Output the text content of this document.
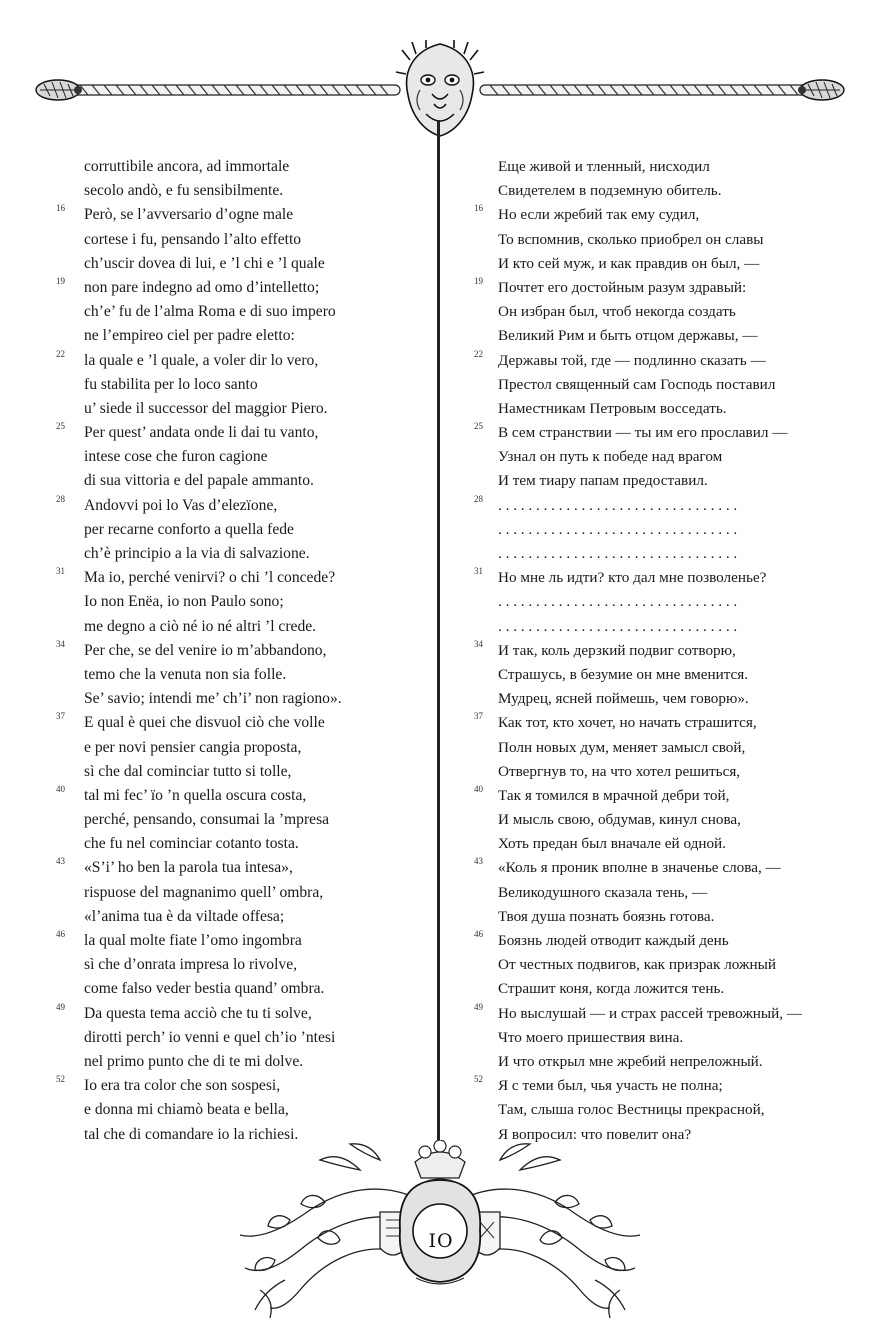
corruttibile ancora, ad immortale
secolo andò, e fu sensibilmente.
16 Però, se l’avversario d’ogne male
cortese i fu, pensando l’alto effetto
ch’uscir dovea di lui, e ’l chi e ’l quale
19 non pare indegno ad omo d’intelletto;
ch’e’ fu de l’alma Roma e di suo impero
ne l’empireo ciel per padre eletto:
22 la quale e ’l quale, a voler dir lo vero,
fu stabilita per lo loco santo
u’ siede il successor del maggior Piero.
25 Per quest’ andata onde li dai tu vanto,
intese cose che furon cagione
di sua vittoria e del papale ammanto.
28 Andovvi poi lo Vas d’elezïone,
per recarne conforto a quella fede
ch’è principio a la via di salvazione.
31 Ma io, perché venirvi? o chi ’l concede?
Io non Enëa, io non Paulo sono;
me degno a ciò né io né altri ’l crede.
34 Per che, se del venire io m’abbandono,
temo che la venuta non sia folle.
Se’ savio; intendi me’ ch’i’ non ragiono».
37 E qual è quei che disvuol ciò che volle
e per novi pensier cangia proposta,
sì che dal cominciar tutto si tolle,
40 tal mi fec’ ïo ’n quella oscura costa,
perché, pensando, consumai la ’mpresa
che fu nel cominciar cotanto tosta.
43 «S’i’ ho ben la parola tua intesa»,
rispuose del magnanimo quell’ ombra,
«l’anima tua è da viltade offesa;
46 la qual molte fiate l’omo ingombra
sì che d’onrata impresa lo rivolve,
come falso veder bestia quand’ ombra.
49 Da questa tema acciò che tu ti solve,
dirotti perch’ io venni e quel ch’io ’ntesi
nel primo punto che di te mi dolve.
52 Io era tra color che son sospesi,
e donna mi chiamò beata e bella,
tal che di comandare io la richiesi.
Еще живой и тленный, нисходил
Свидетелем в подземную обитель.
16 Но если жребий так ему судил,
То вспомнив, сколько приобрел он славы
И кто сей муж, и как правдив он был, —
19 Почтет его достойным разум здравый:
Он избран был, чтоб некогда создать
Великий Рим и быть отцом державы, —
22 Державы той, где — подлинно сказать —
Престол священный сам Господь поставил
Наместникам Петровым восседать.
25 В сем странствии — ты им его прославил —
Узнал он путь к победе над врагом
И тем тиару папам предоставил.
28 . . . . . . . . . . . . . . . . . . . . . . . . . . . . . . . .
. . . . . . . . . . . . . . . . . . . . . . . . . . . . . . . .
. . . . . . . . . . . . . . . . . . . . . . . . . . . . . . . .
31 Но мне ль идти? кто дал мне позволенье?
. . . . . . . . . . . . . . . . . . . . . . . . . . . . . . . .
. . . . . . . . . . . . . . . . . . . . . . . . . . . . . . . .
34 И так, коль дерзкий подвиг сотворю,
Страшусь, в безумие он мне вменится.
Мудрец, ясней поймешь, чем говорю».
37 Как тот, кто хочет, но начать страшится,
Полн новых дум, меняет замысл свой,
Отвергнув то, на что хотел решиться,
40 Так я томился в мрачной дебри той,
И мысль свою, обдумав, кинул снова,
Хоть предан был вначале ей одной.
43 «Коль я проник вполне в значенье слова, —
Великодушного сказала тень, —
Твоя душа познать боязнь готова.
46 Боязнь людей отводит каждый день
От честных подвигов, как призрак ложный
Страшит коня, когда ложится тень.
49 Но выслушай — и страх рассей тревожный, —
Что моего пришествия вина.
И что открыл мне жребий непреложный.
52 Я с теми был, чья участь не полна;
Там, слыша голос Вестницы прекрасной,
Я вопросил: что повелит она?
IO
